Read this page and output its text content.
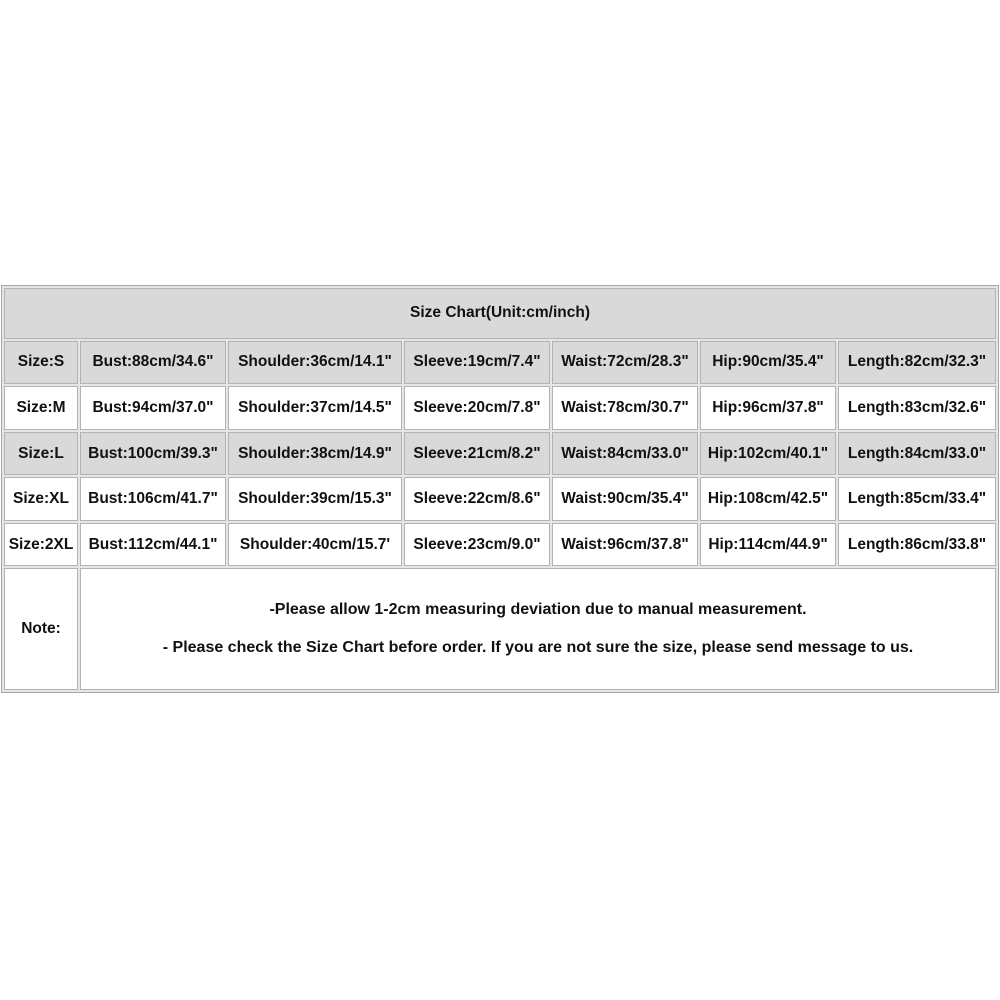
Size Chart(Unit:cm/inch)						
Size:S	Bust:88cm/34.6"	Shoulder:36cm/14.1"	Sleeve:19cm/7.4"	Waist:72cm/28.3"	Hip:90cm/35.4"	Length:82cm/32.3"
Size:M	Bust:94cm/37.0"	Shoulder:37cm/14.5"	Sleeve:20cm/7.8"	Waist:78cm/30.7"	Hip:96cm/37.8"	Length:83cm/32.6"
Size:L	Bust:100cm/39.3"	Shoulder:38cm/14.9"	Sleeve:21cm/8.2"	Waist:84cm/33.0"	Hip:102cm/40.1"	Length:84cm/33.0"
Size:XL	Bust:106cm/41.7"	Shoulder:39cm/15.3"	Sleeve:22cm/8.6"	Waist:90cm/35.4"	Hip:108cm/42.5"	Length:85cm/33.4"
Size:2XL	Bust:112cm/44.1"	Shoulder:40cm/15.7'	Sleeve:23cm/9.0"	Waist:96cm/37.8"	Hip:114cm/44.9"	Length:86cm/33.8"
Note:	-Please allow 1-2cm measuring deviation due to manual measurement.
- Please check the Size Chart before order. If you are not sure the size, please send message to us.					
